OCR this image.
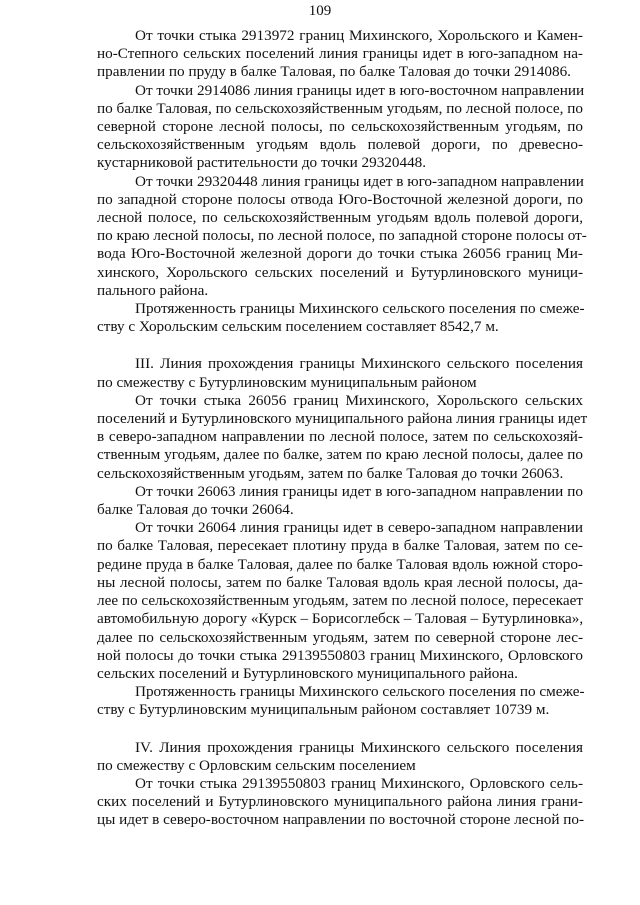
109
От точки стыка 2913972 границ Михинского, Хорольского и Камен-
но-Степного сельских поселений линия границы идет в юго-западном на-
правлении по пруду в балке Таловая, по балке Таловая до точки 2914086.
От точки 2914086 линия границы идет в юго-восточном направлении
по балке Таловая, по сельскохозяйственным угодьям, по лесной полосе, по
северной стороне лесной полосы, по сельскохозяйственным угодьям, по
сельскохозяйственным угодьям вдоль полевой дороги, по древесно-
кустарниковой растительности до точки 29320448.
От точки 29320448 линия границы идет в юго-западном направлении
по западной стороне полосы отвода Юго-Восточной железной дороги, по
лесной полосе, по сельскохозяйственным угодьям вдоль полевой дороги,
по краю лесной полосы, по лесной полосе, по западной стороне полосы от-
вода Юго-Восточной железной дороги до точки стыка 26056 границ Ми-
хинского, Хорольского сельских поселений и Бутурлиновского муници-
пального района.
Протяженность границы Михинского сельского поселения по смеже-
ству с Хорольским сельским поселением составляет 8542,7 м.
III. Линия прохождения границы Михинского сельского поселения
по смежеству с Бутурлиновским муниципальным районом
От точки стыка 26056 границ Михинского, Хорольского сельских
поселений и Бутурлиновского муниципального района линия границы идет
в северо-западном направлении по лесной полосе, затем по сельскохозяй-
ственным угодьям, далее по балке, затем по краю лесной полосы, далее по
сельскохозяйственным угодьям, затем по балке Таловая до точки 26063.
От точки 26063 линия границы идет в юго-западном направлении по
балке Таловая до точки 26064.
От точки 26064 линия границы идет в северо-западном направлении
по балке Таловая, пересекает плотину пруда в балке Таловая, затем по се-
редине пруда в балке Таловая, далее по балке Таловая вдоль южной сторо-
ны лесной полосы, затем по балке Таловая вдоль края лесной полосы, да-
лее по сельскохозяйственным угодьям, затем по лесной полосе, пересекает
автомобильную дорогу «Курск – Борисоглебск – Таловая – Бутурлиновка»,
далее по сельскохозяйственным угодьям, затем по северной стороне лес-
ной полосы до точки стыка 29139550803 границ Михинского, Орловского
сельских поселений и Бутурлиновского муниципального района.
Протяженность границы Михинского сельского поселения по смеже-
ству с Бутурлиновским муниципальным районом составляет 10739 м.
IV. Линия прохождения границы Михинского сельского поселения
по смежеству с Орловским сельским поселением
От точки стыка 29139550803 границ Михинского, Орловского сель-
ских поселений и Бутурлиновского муниципального района линия грани-
цы идет в северо-восточном направлении по восточной стороне лесной по-
